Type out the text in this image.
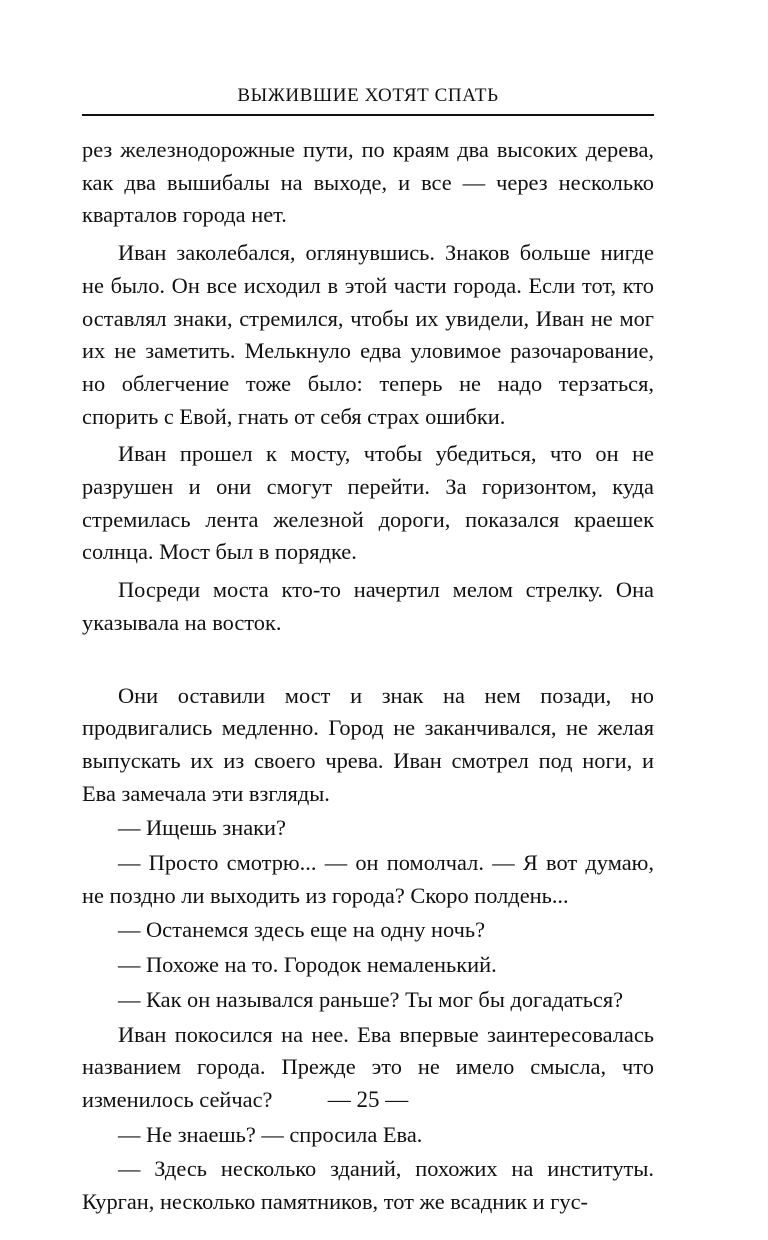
ВЫЖИВШИЕ ХОТЯТ СПАТЬ

рез железнодорожные пути, по краям два высоких дерева, как два вышибалы на выходе, и все — через несколько кварталов города нет.

Иван заколебался, оглянувшись. Знаков больше нигде не было. Он все исходил в этой части города. Если тот, кто оставлял знаки, стремился, чтобы их увидели, Иван не мог их не заметить. Мелькнуло едва уловимое разочарование, но облегчение тоже было: теперь не надо терзаться, спорить с Евой, гнать от себя страх ошибки.

Иван прошел к мосту, чтобы убедиться, что он не разрушен и они смогут перейти. За горизонтом, куда стремилась лента железной дороги, показался краешек солнца. Мост был в порядке.

Посреди моста кто-то начертил мелом стрелку. Она указывала на восток.

Они оставили мост и знак на нем позади, но продвигались медленно. Город не заканчивался, не желая выпускать их из своего чрева. Иван смотрел под ноги, и Ева замечала эти взгляды.

— Ищешь знаки?

— Просто смотрю... — он помолчал. — Я вот думаю, не поздно ли выходить из города? Скоро полдень...

— Останемся здесь еще на одну ночь?

— Похоже на то. Городок немаленький.

— Как он назывался раньше? Ты мог бы догадаться?

Иван покосился на нее. Ева впервые заинтересовалась названием города. Прежде это не имело смысла, что изменилось сейчас?

— Не знаешь? — спросила Ева.

— Здесь несколько зданий, похожих на институты. Курган, несколько памятников, тот же всадник и гус-

— 25 —
